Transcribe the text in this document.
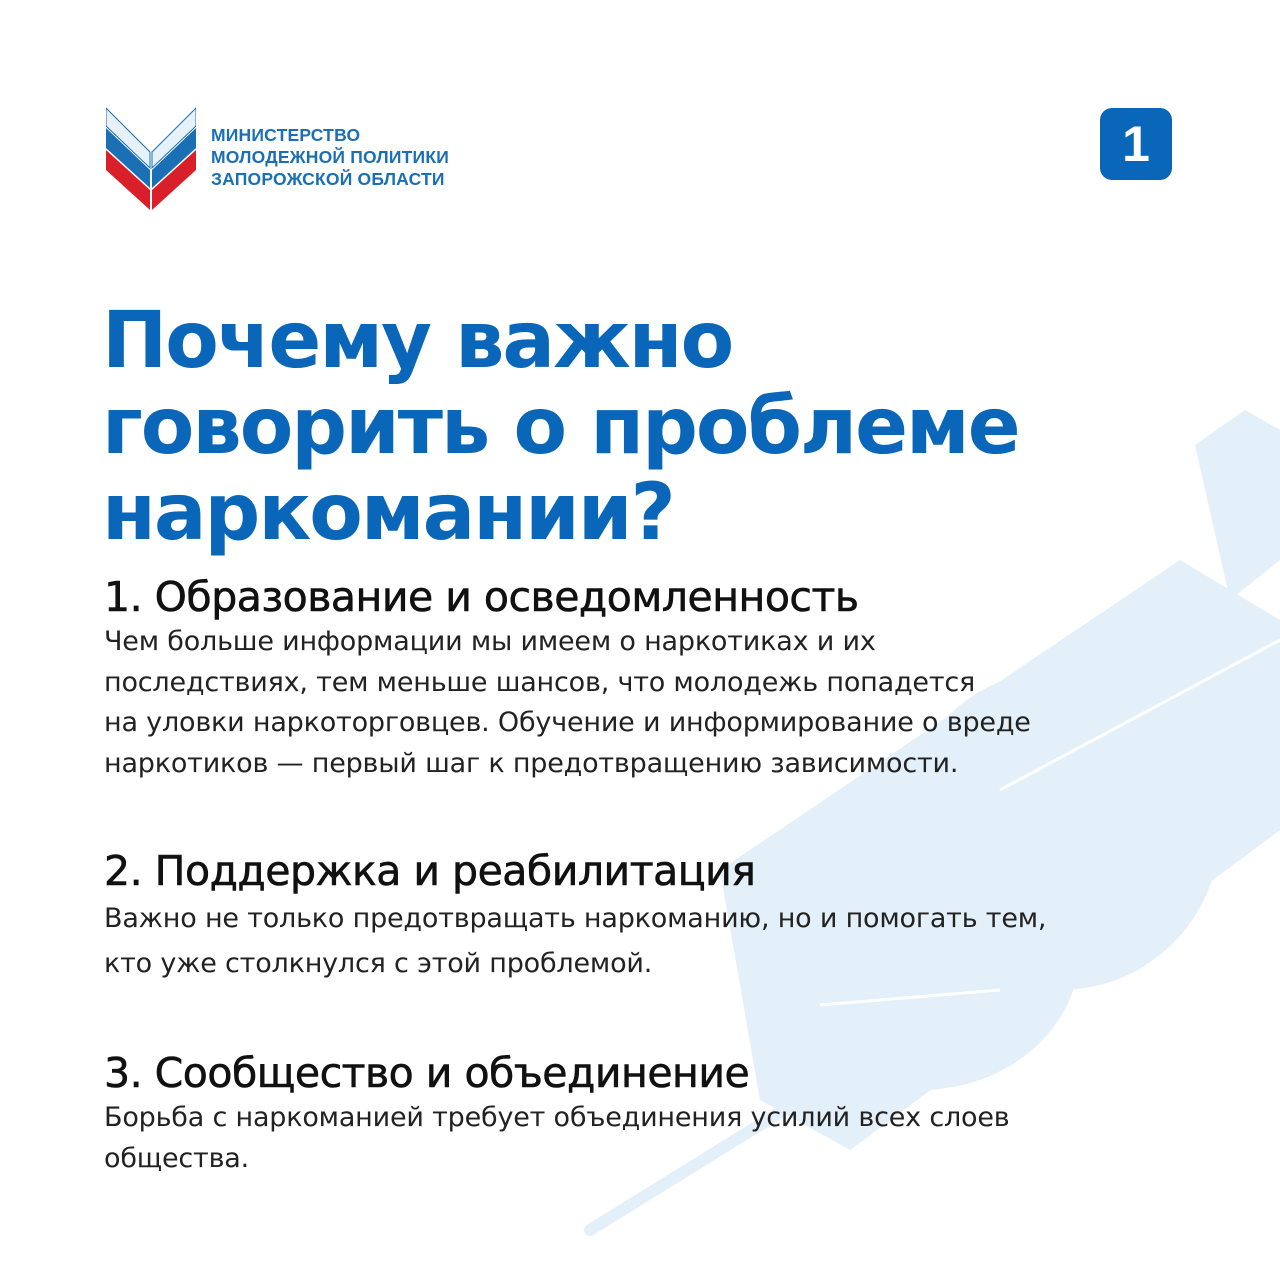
МИНИСТЕРСТВО
МОЛОДЕЖНОЙ ПОЛИТИКИ
ЗАПОРОЖСКОЙ ОБЛАСТИ
1
Почему важно
говорить о проблеме
наркомании?
1. Образование и осведомленность

Чем больше информации мы имеем о наркотиках и их

последствиях, тем меньше шансов, что молодежь попадется

на уловки наркоторговцев. Обучение и информирование о вреде

наркотиков — первый шаг к предотвращению зависимости.

2. Поддержка и реабилитация

Важно не только предотвращать наркоманию, но и помогать тем,

кто уже столкнулся с этой проблемой.

3. Сообщество и объединение

Борьба с наркоманией требует объединения усилий всех слоев

общества.
